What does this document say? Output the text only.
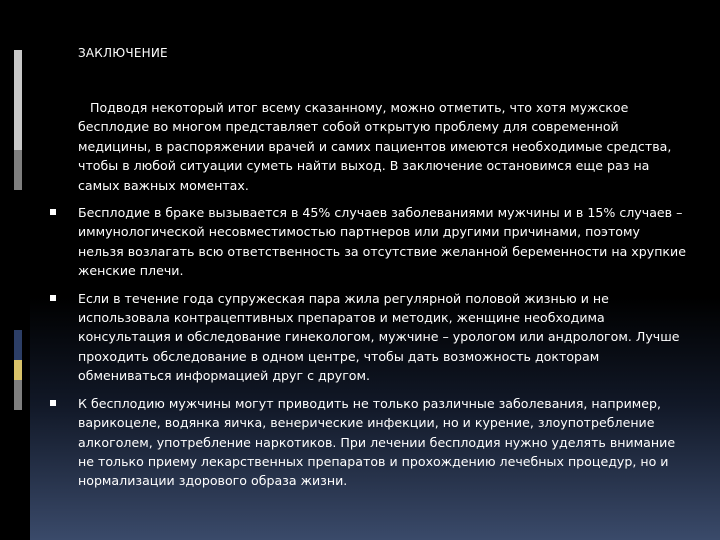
ЗАКЛЮЧЕНИЕ

Подводя некоторый итог всему сказанному, можно отметить, что хотя мужское бесплодие во многом представляет собой открытую проблему для современной медицины, в распоряжении врачей и самих пациентов имеются необходимые средства, чтобы в любой ситуации суметь найти выход. В заключение остановимся еще раз на самых важных моментах.

Бесплодие в браке вызывается в 45% случаев заболеваниями мужчины и в 15% случаев – иммунологической несовместимостью партнеров или другими причинами, поэтому нельзя возлагать всю ответственность за отсутствие желанной беременности на хрупкие женские плечи.
Если в течение года супружеская пара жила регулярной половой жизнью и не использовала контрацептивных препаратов и методик, женщине необходима консультация и обследование гинекологом, мужчине – урологом или андрологом. Лучше проходить обследование в одном центре, чтобы дать возможность докторам обмениваться информацией друг с другом.
К бесплодию мужчины могут приводить не только различные заболевания, например, варикоцеле, водянка яичка, венерические инфекции, но и курение, злоупотребление алкоголем, употребление наркотиков. При лечении бесплодия нужно уделять внимание не только приему лекарственных препаратов и прохождению лечебных процедур, но и нормализации здорового образа жизни.
